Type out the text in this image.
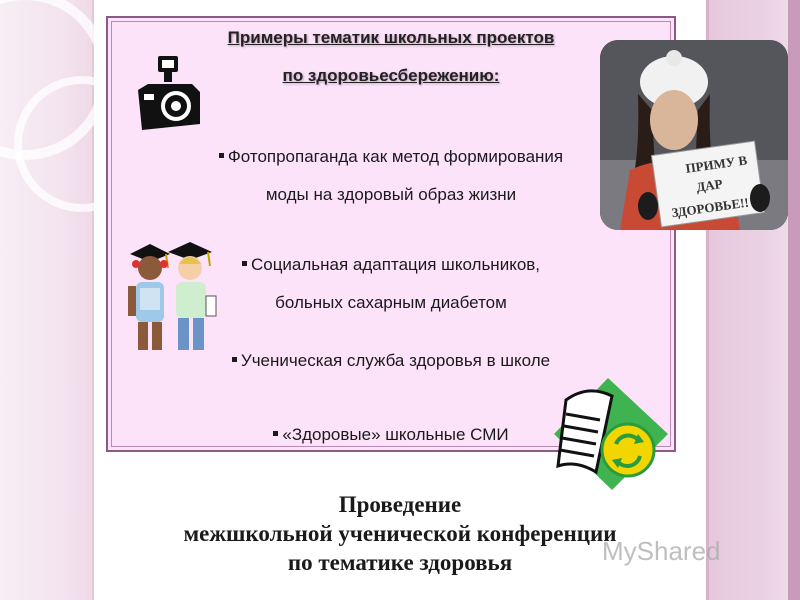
Примеры тематик школьных проектов
по здоровьесбережению:
Фотопропаганда как метод формирования
моды на здоровый образ жизни
Социальная адаптация школьников,
больных сахарным диабетом
Ученическая служба здоровья в школе
«Здоровые» школьные СМИ
ПРИМУ В
ДАР
ЗДОРОВЬЕ!!
Проведение
межшкольной ученической конференции
по тематике здоровья	MyShared
